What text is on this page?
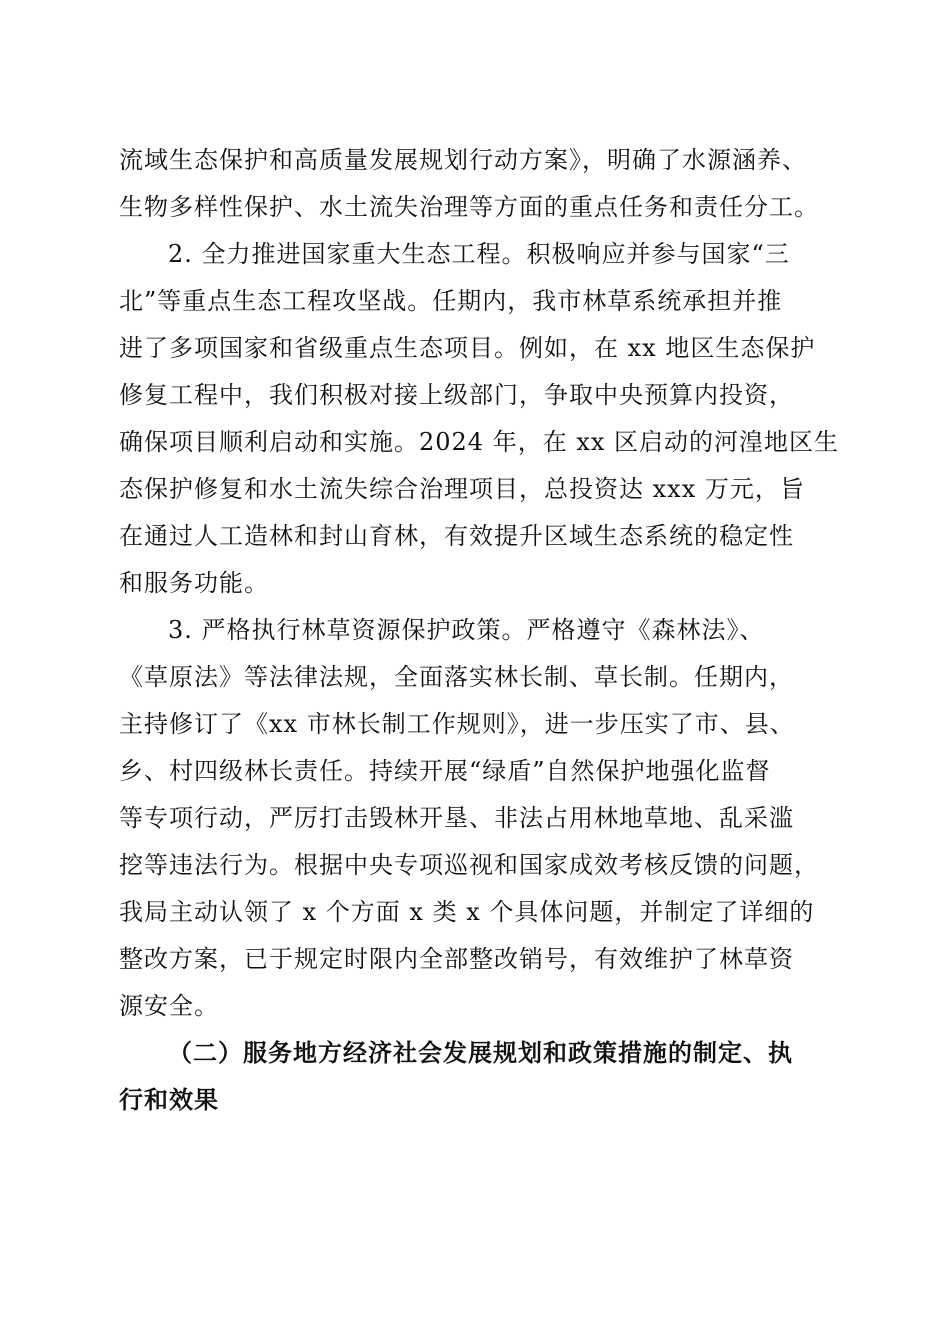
流域生态保护和高质量发展规划行动方案》，明确了水源涵养、
生物多样性保护、水土流失治理等方面的重点任务和责任分工。
2. 全力推进国家重大生态工程。积极响应并参与国家“三
北”等重点生态工程攻坚战。任期内，我市林草系统承担并推
进了多项国家和省级重点生态项目。例如，在 xx 地区生态保护
修复工程中，我们积极对接上级部门，争取中央预算内投资，
确保项目顺利启动和实施。2024 年，在 xx 区启动的河湟地区生
态保护修复和水土流失综合治理项目，总投资达 xxx 万元，旨
在通过人工造林和封山育林，有效提升区域生态系统的稳定性
和服务功能。
3. 严格执行林草资源保护政策。严格遵守《森林法》、
《草原法》等法律法规，全面落实林长制、草长制。任期内，
主持修订了《xx 市林长制工作规则》，进一步压实了市、县、
乡、村四级林长责任。持续开展“绿盾”自然保护地强化监督
等专项行动，严厉打击毁林开垦、非法占用林地草地、乱采滥
挖等违法行为。根据中央专项巡视和国家成效考核反馈的问题，
我局主动认领了 x 个方面 x 类 x 个具体问题，并制定了详细的
整改方案，已于规定时限内全部整改销号，有效维护了林草资
源安全。
（二）服务地方经济社会发展规划和政策措施的制定、执
行和效果
